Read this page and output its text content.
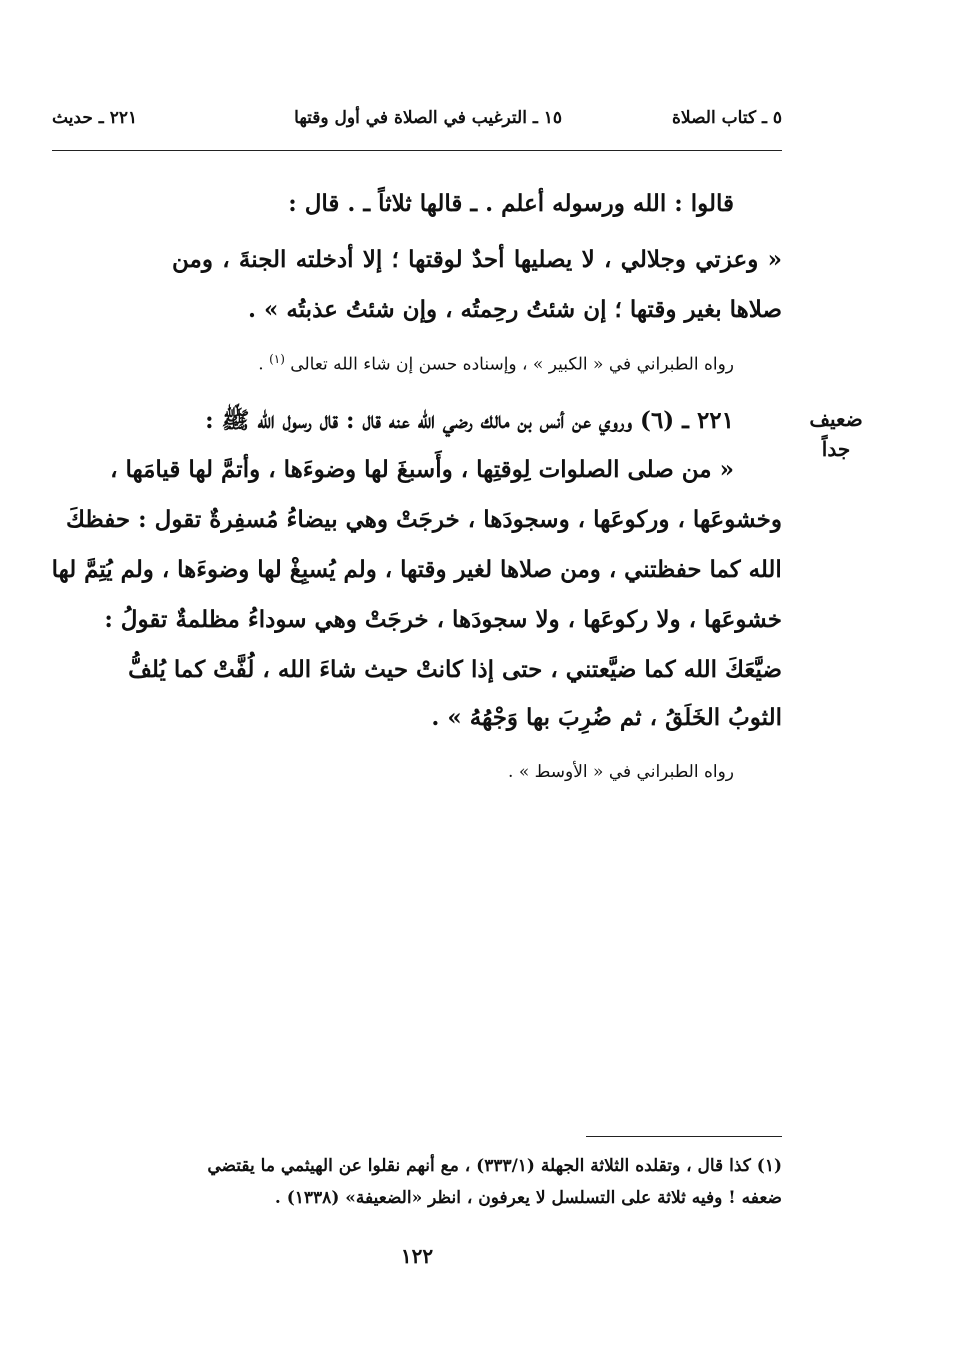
٥ ـ كتاب الصلاة
١٥ ـ الترغيب في الصلاة في أول وقتها
٢٢١ ـ حديث
قالوا : الله ورسوله أعلم . ـ قالها ثلاثاً ـ . قال :
« وعزتي وجلالي ، لا يصليها أحدٌ لوقتها ؛ إلا أدخلته الجنةَ ، ومن
صلاها بغير وقتها ؛ إن شئتُ رحِمتُه ، وإن شئتُ عذبتُه » .
رواه الطبراني في « الكبير » ، وإسناده حسن إن شاء الله تعالى $^{(١)}$ .
ضعيف
جداً
٢٢١ ـ (٦) وروي عن أنس بن مالك رضي الله عنه قال : قال رسول الله ﷺ :
« من صلى الصلوات لِوقتِها ، وأَسبغَ لها وضوءَها ، وأتمَّ لها قيامَها ،
وخشوعَها ، وركوعَها ، وسجودَها ، خرجَتْ وهي بيضاءُ مُسفِرةٌ تقول : حفظكَ
الله كما حفظتني ، ومن صلاها لغير وقتها ، ولم يُسبِغْ لها وضوءَها ، ولم يُتِمَّ لها
خشوعَها ، ولا ركوعَها ، ولا سجودَها ، خرجَتْ وهي سوداءُ مظلمةٌ تقولُ :
ضيَّعَكَ الله كما ضيَّعتني ، حتى إذا كانتْ حيث شاءَ الله ، لُفَّتْ كما يُلفُّ
الثوبُ الخَلَقُ ، ثم ضُرِبَ بها وَجْهُهُ » .
رواه الطبراني في « الأوسط » .
(١) كذا قال ، وتقلده الثلاثة الجهلة (٣٣٣/١) ، مع أنهم نقلوا عن الهيثمي ما يقتضي
ضعفه ! وفيه ثلاثة على التسلسل لا يعرفون ، انظر «الضعيفة» (١٣٣٨) .
١٢٢
